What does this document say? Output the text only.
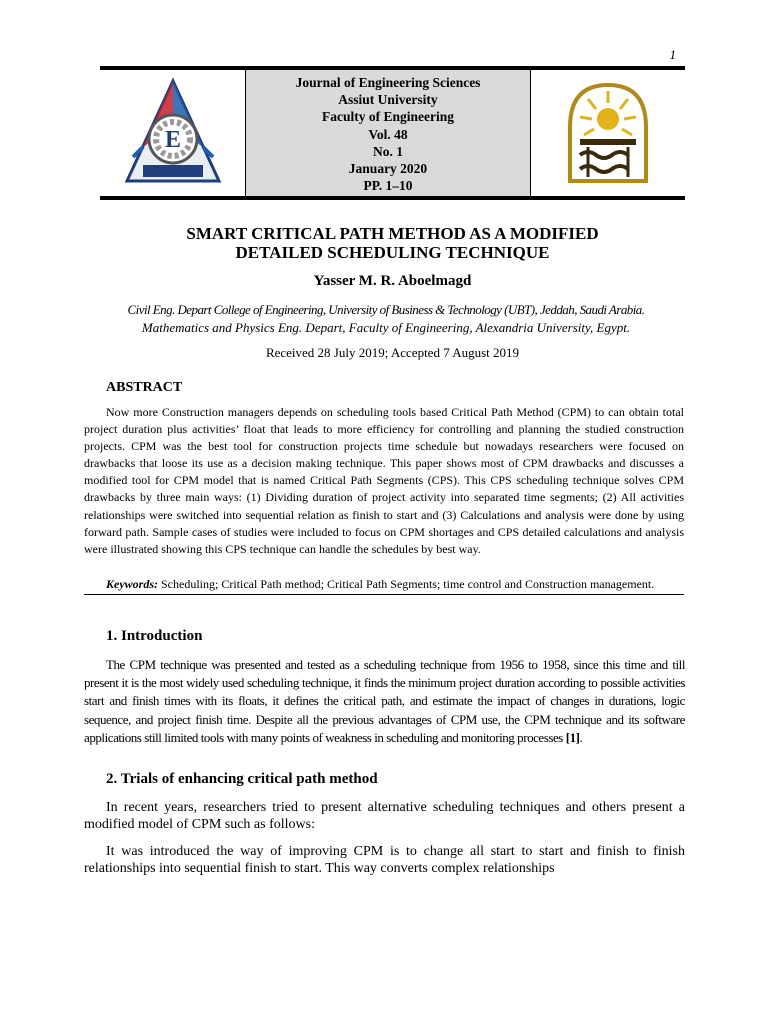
1
E
Journal of Engineering Sciences
Assiut University
Faculty of Engineering
Vol. 48
No. 1
January 2020
PP. 1–10
SMART CRITICAL PATH METHOD AS A MODIFIED
DETAILED SCHEDULING TECHNIQUE
Yasser M. R. Aboelmagd
Civil Eng. Depart College of Engineering, University of Business & Technology (UBT), Jeddah, Saudi Arabia.
Mathematics and Physics Eng. Depart, Faculty of Engineering, Alexandria University, Egypt.
Received 28 July 2019; Accepted 7 August 2019
ABSTRACT
Now more Construction managers depends on scheduling tools based Critical Path Method (CPM) to can obtain total project duration plus activities’ float that leads to more efficiency for controlling and planning the studied construction projects. CPM was the best tool for construction projects time schedule but nowadays researchers were focused on drawbacks that loose its use as a decision making technique. This paper shows most of CPM drawbacks and discusses a modified tool for CPM model that is named Critical Path Segments (CPS). This CPS scheduling technique solves CPM drawbacks by three main ways: (1) Dividing duration of project activity into separated time segments; (2) All activities relationships were switched into sequential relation as finish to start and (3) Calculations and analysis were done by using forward path. Sample cases of studies were included to focus on CPM shortages and CPS detailed calculations and analysis were illustrated showing this CPS technique can handle the schedules by best way.
Keywords: Scheduling; Critical Path method; Critical Path Segments; time control and Construction management.
1. Introduction
The CPM technique was presented and tested as a scheduling technique from 1956 to 1958, since this time and till present it is the most widely used scheduling technique, it finds the minimum project duration according to possible activities start and finish times with its floats, it defines the critical path, and estimate the impact of changes in durations, logic sequence, and project finish time. Despite all the previous advantages of CPM use, the CPM technique and its software applications still limited tools with many points of weakness in scheduling and monitoring processes [1].
2. Trials of enhancing critical path method
In recent years, researchers tried to present alternative scheduling techniques and others present a modified model of CPM such as follows:
It was introduced the way of improving CPM is to change all start to start and finish to finish relationships into sequential finish to start. This way converts complex relationships
